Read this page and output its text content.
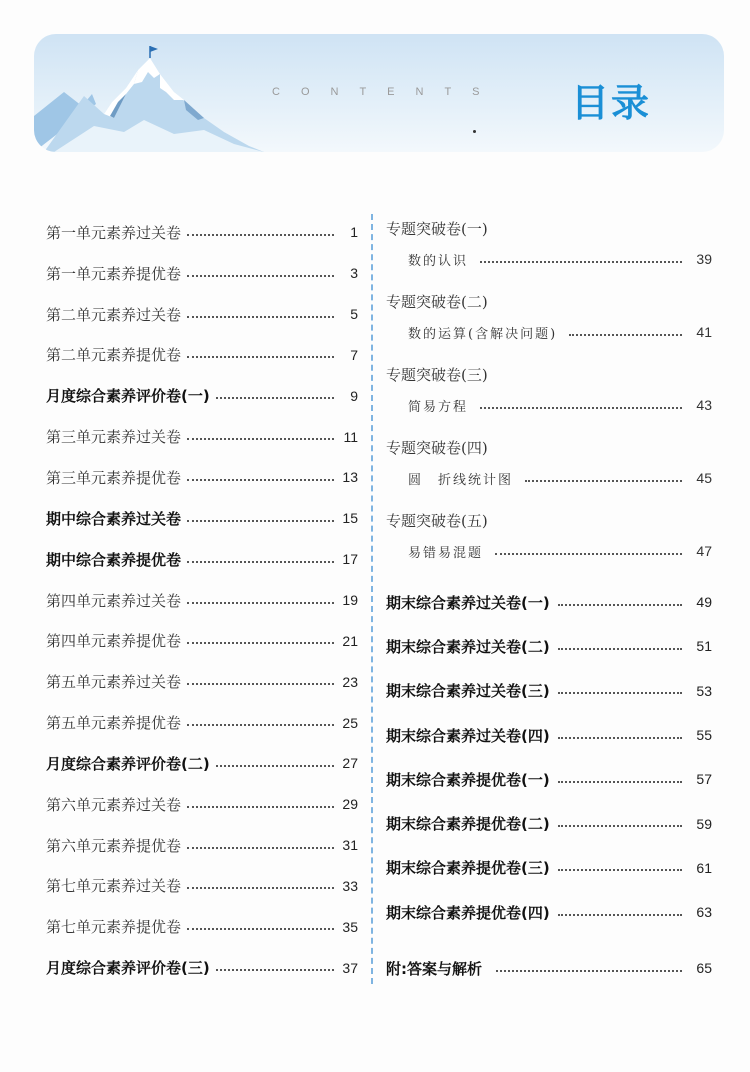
CONTENTS 目录
第一单元素养过关卷	1
第一单元素养提优卷	3
第二单元素养过关卷	5
第二单元素养提优卷	7
月度综合素养评价卷(一)	9
第三单元素养过关卷	11
第三单元素养提优卷	13
期中综合素养过关卷	15
期中综合素养提优卷	17
第四单元素养过关卷	19
第四单元素养提优卷	21
第五单元素养过关卷	23
第五单元素养提优卷	25
月度综合素养评价卷(二)	27
第六单元素养过关卷	29
第六单元素养提优卷	31
第七单元素养过关卷	33
第七单元素养提优卷	35
月度综合素养评价卷(三)	37
专题突破卷(一)
数的认识	39
专题突破卷(二)
数的运算(含解决问题)	41
专题突破卷(三)
简易方程	43
专题突破卷(四)
圆　折线统计图	45
专题突破卷(五)
易错易混题	47
期末综合素养过关卷(一)	49
期末综合素养过关卷(二)	51
期末综合素养过关卷(三)	53
期末综合素养过关卷(四)	55
期末综合素养提优卷(一)	57
期末综合素养提优卷(二)	59
期末综合素养提优卷(三)	61
期末综合素养提优卷(四)	63
附:答案与解析	65
